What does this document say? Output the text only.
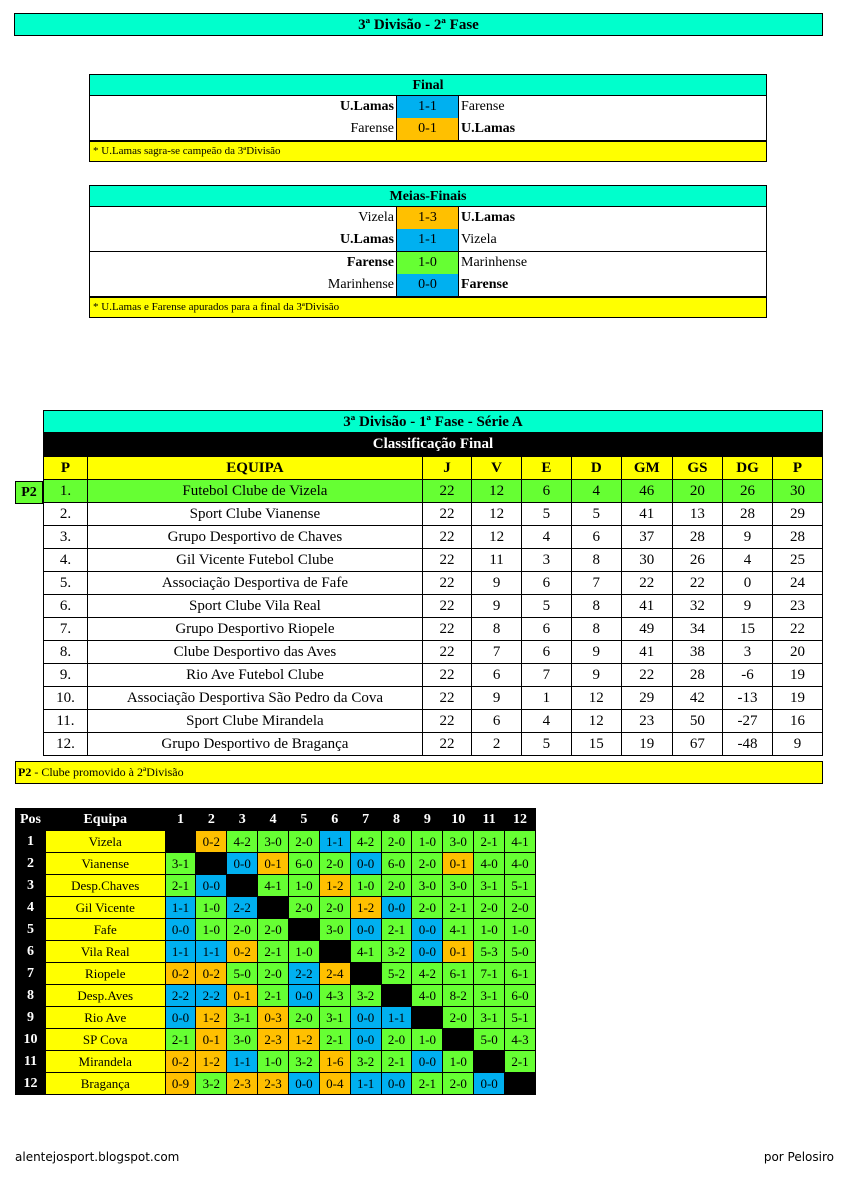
3ª Divisão - 2ª Fase
Final
U.Lamas	1-1	Farense
Farense	0-1	U.Lamas
* U.Lamas sagra-se campeão da 3ªDivisão
Meias-Finais
Vizela	1-3	U.Lamas
U.Lamas	1-1	Vizela
Farense	1-0	Marinhense
Marinhense	0-0	Farense
* U.Lamas e Farense apurados para a final da 3ªDivisão
3ª Divisão - 1ª Fase - Série A
Classificação Final
P	EQUIPA	J	V	E	D	GM	GS	DG	P
1.	Futebol Clube de Vizela	22	12	6	4	46	20	26	30
2.	Sport Clube Vianense	22	12	5	5	41	13	28	29
3.	Grupo Desportivo de Chaves	22	12	4	6	37	28	9	28
4.	Gil Vicente Futebol Clube	22	11	3	8	30	26	4	25
5.	Associação Desportiva de Fafe	22	9	6	7	22	22	0	24
6.	Sport Clube Vila Real	22	9	5	8	41	32	9	23
7.	Grupo Desportivo Riopele	22	8	6	8	49	34	15	22
8.	Clube Desportivo das Aves	22	7	6	9	41	38	3	20
9.	Rio Ave Futebol Clube	22	6	7	9	22	28	-6	19
10.	Associação Desportiva São Pedro da Cova	22	9	1	12	29	42	-13	19
11.	Sport Clube Mirandela	22	6	4	12	23	50	-27	16
12.	Grupo Desportivo de Bragança	22	2	5	15	19	67	-48	9
P2
P2 - Clube promovido à 2ªDivisão
Pos	Equipa	1	2	3	4	5	6	7	8	9	10	11	12
1	Vizela		0-2	4-2	3-0	2-0	1-1	4-2	2-0	1-0	3-0	2-1	4-1
2	Vianense	3-1		0-0	0-1	6-0	2-0	0-0	6-0	2-0	0-1	4-0	4-0
3	Desp.Chaves	2-1	0-0		4-1	1-0	1-2	1-0	2-0	3-0	3-0	3-1	5-1
4	Gil Vicente	1-1	1-0	2-2		2-0	2-0	1-2	0-0	2-0	2-1	2-0	2-0
5	Fafe	0-0	1-0	2-0	2-0		3-0	0-0	2-1	0-0	4-1	1-0	1-0
6	Vila Real	1-1	1-1	0-2	2-1	1-0		4-1	3-2	0-0	0-1	5-3	5-0
7	Riopele	0-2	0-2	5-0	2-0	2-2	2-4		5-2	4-2	6-1	7-1	6-1
8	Desp.Aves	2-2	2-2	0-1	2-1	0-0	4-3	3-2		4-0	8-2	3-1	6-0
9	Rio Ave	0-0	1-2	3-1	0-3	2-0	3-1	0-0	1-1		2-0	3-1	5-1
10	SP Cova	2-1	0-1	3-0	2-3	1-2	2-1	0-0	2-0	1-0		5-0	4-3
11	Mirandela	0-2	1-2	1-1	1-0	3-2	1-6	3-2	2-1	0-0	1-0		2-1
12	Bragança	0-9	3-2	2-3	2-3	0-0	0-4	1-1	0-0	2-1	2-0	0-0	
alentejosport.blogspot.com	por Pelosiro
